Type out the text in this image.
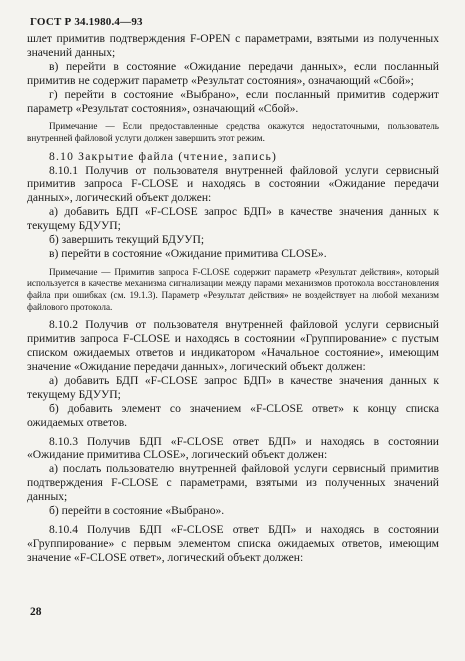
ГОСТ Р 34.1980.4—93

шлет примитив подтверждения F-OPEN с параметрами, взятыми из полученных значений данных;

в) перейти в состояние «Ожидание передачи данных», если посланный примитив не содержит параметр «Результат состояния», означающий «Сбой»;

г) перейти в состояние «Выбрано», если посланный примитив содержит параметр «Результат состояния», означающий «Сбой».

Примечание — Если предоставленные средства окажутся недостаточными, пользователь внутренней файловой услуги должен завершить этот режим.

8.10 Закрытие файла (чтение, запись)

8.10.1 Получив от пользователя внутренней файловой услуги сервисный примитив запроса F-CLOSE и находясь в состоянии «Ожидание передачи данных», логический объект должен:

а) добавить БДП «F-CLOSE запрос БДП» в качестве значения данных к текущему БДУУП;

б) завершить текущий БДУУП;

в) перейти в состояние «Ожидание примитива CLOSE».

Примечание — Примитив запроса F-CLOSE содержит параметр «Результат действия», который используется в качестве механизма сигнализации между парами механизмов протокола восстановления файла при ошибках (см. 19.1.3). Параметр «Результат действия» не воздействует на любой механизм файлового протокола.

8.10.2 Получив от пользователя внутренней файловой услуги сервисный примитив запроса F-CLOSE и находясь в состоянии «Группирование» с пустым списком ожидаемых ответов и индикатором «Начальное состояние», имеющим значение «Ожидание передачи данных», логический объект должен:

а) добавить БДП «F-CLOSE запрос БДП» в качестве значения данных к текущему БДУУП;

б) добавить элемент со значением «F-CLOSE ответ» к концу списка ожидаемых ответов.

8.10.3 Получив БДП «F-CLOSE ответ БДП» и находясь в состоянии «Ожидание примитива CLOSE», логический объект должен:

а) послать пользователю внутренней файловой услуги сервисный примитив подтверждения F-CLOSE с параметрами, взятыми из полученных значений данных;

б) перейти в состояние «Выбрано».

8.10.4 Получив БДП «F-CLOSE ответ БДП» и находясь в состоянии «Группирование» с первым элементом списка ожидаемых ответов, имеющим значение «F-CLOSE ответ», логический объект должен:

28
